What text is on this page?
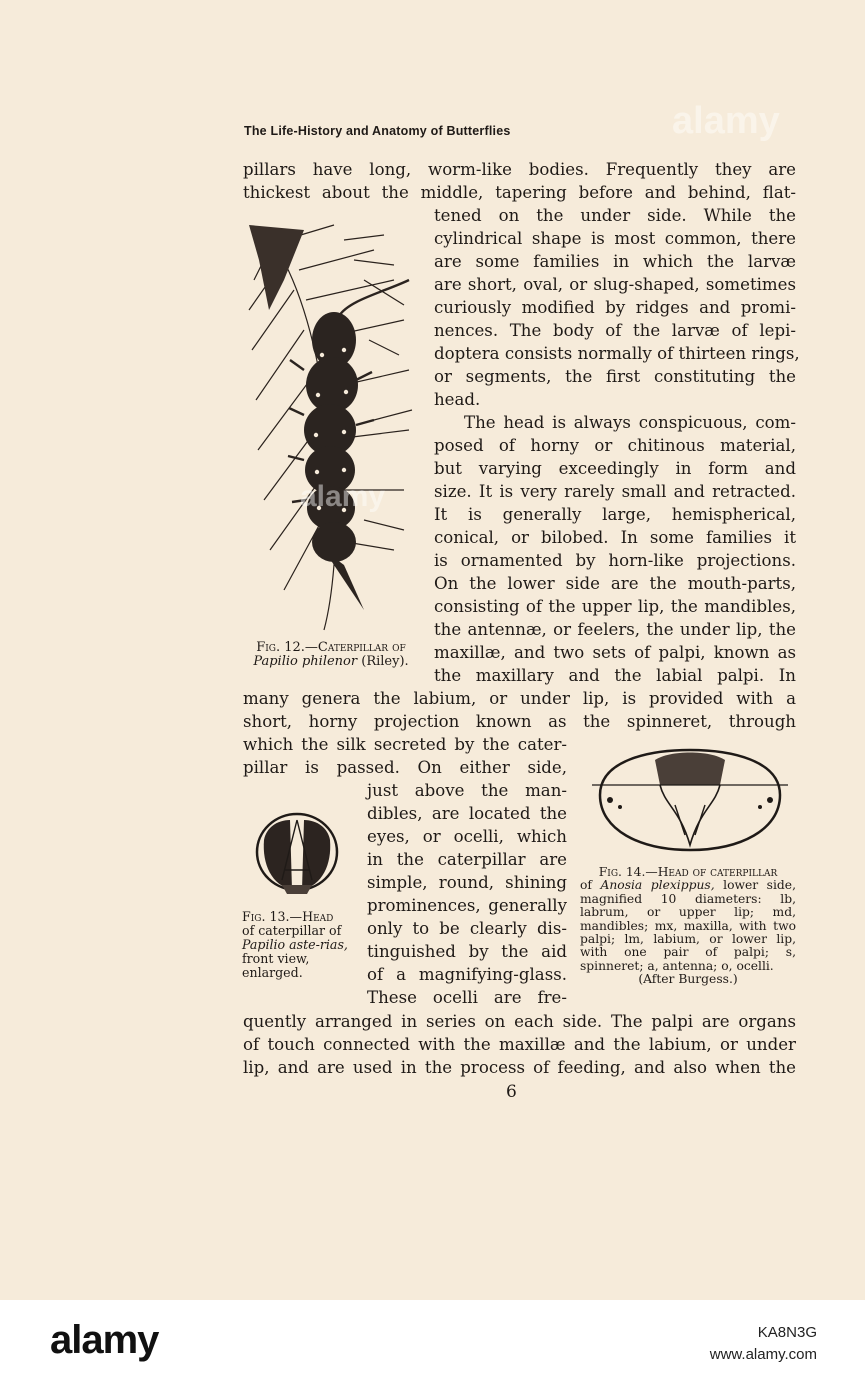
The Life-History and Anatomy of Butterflies
pillars have long, worm-like bodies. Frequently they are
thickest about the middle, tapering before and behind, flat-
tened on the under side. While the
cylindrical shape is most common, there
are some families in which the larvæ
are short, oval, or slug-shaped, sometimes
curiously modified by ridges and promi-
nences. The body of the larvæ of lepi-
doptera consists normally of thirteen rings,
or segments, the first constituting the
head.
The head is always conspicuous, com-
posed of horny or chitinous material,
but varying exceedingly in form and
size. It is very rarely small and retracted.
It is generally large, hemispherical,
conical, or bilobed. In some families it
is ornamented by horn-like projections.
On the lower side are the mouth-parts,
consisting of the upper lip, the mandibles,
the antennæ, or feelers, the under lip, the
maxillæ, and two sets of palpi, known as
the maxillary and the labial palpi. In
many genera the labium, or under lip, is provided with a
short, horny projection known as the spinneret, through
which the silk secreted by the cater-
pillar is passed. On either side,
just above the man-
dibles, are located the
eyes, or ocelli, which
in the caterpillar are
simple, round, shining
prominences, generally
only to be clearly dis-
tinguished by the aid
of a magnifying-glass.
These ocelli are fre-
quently arranged in series on each side. The palpi are organs
of touch connected with the maxillæ and the labium, or under
lip, and are used in the process of feeding, and also when the
Fig. 12.—Caterpillar of
Papilio philenor (Riley).
Fig. 13.—Head
of caterpillar of
Papilio aste-rias, front view,
enlarged.
Fig. 14.—Head of caterpillar
of Anosia plexippus, lower side, magnified 10 diameters: lb, labrum, or upper lip; md, mandibles; mx, maxilla, with two palpi; lm, labium, or lower lip, with one pair of palpi; s, spinneret; a, antenna; o, ocelli.
(After Burgess.)
6
alamy
alamy
alamy	KA8N3G
www.alamy.com
